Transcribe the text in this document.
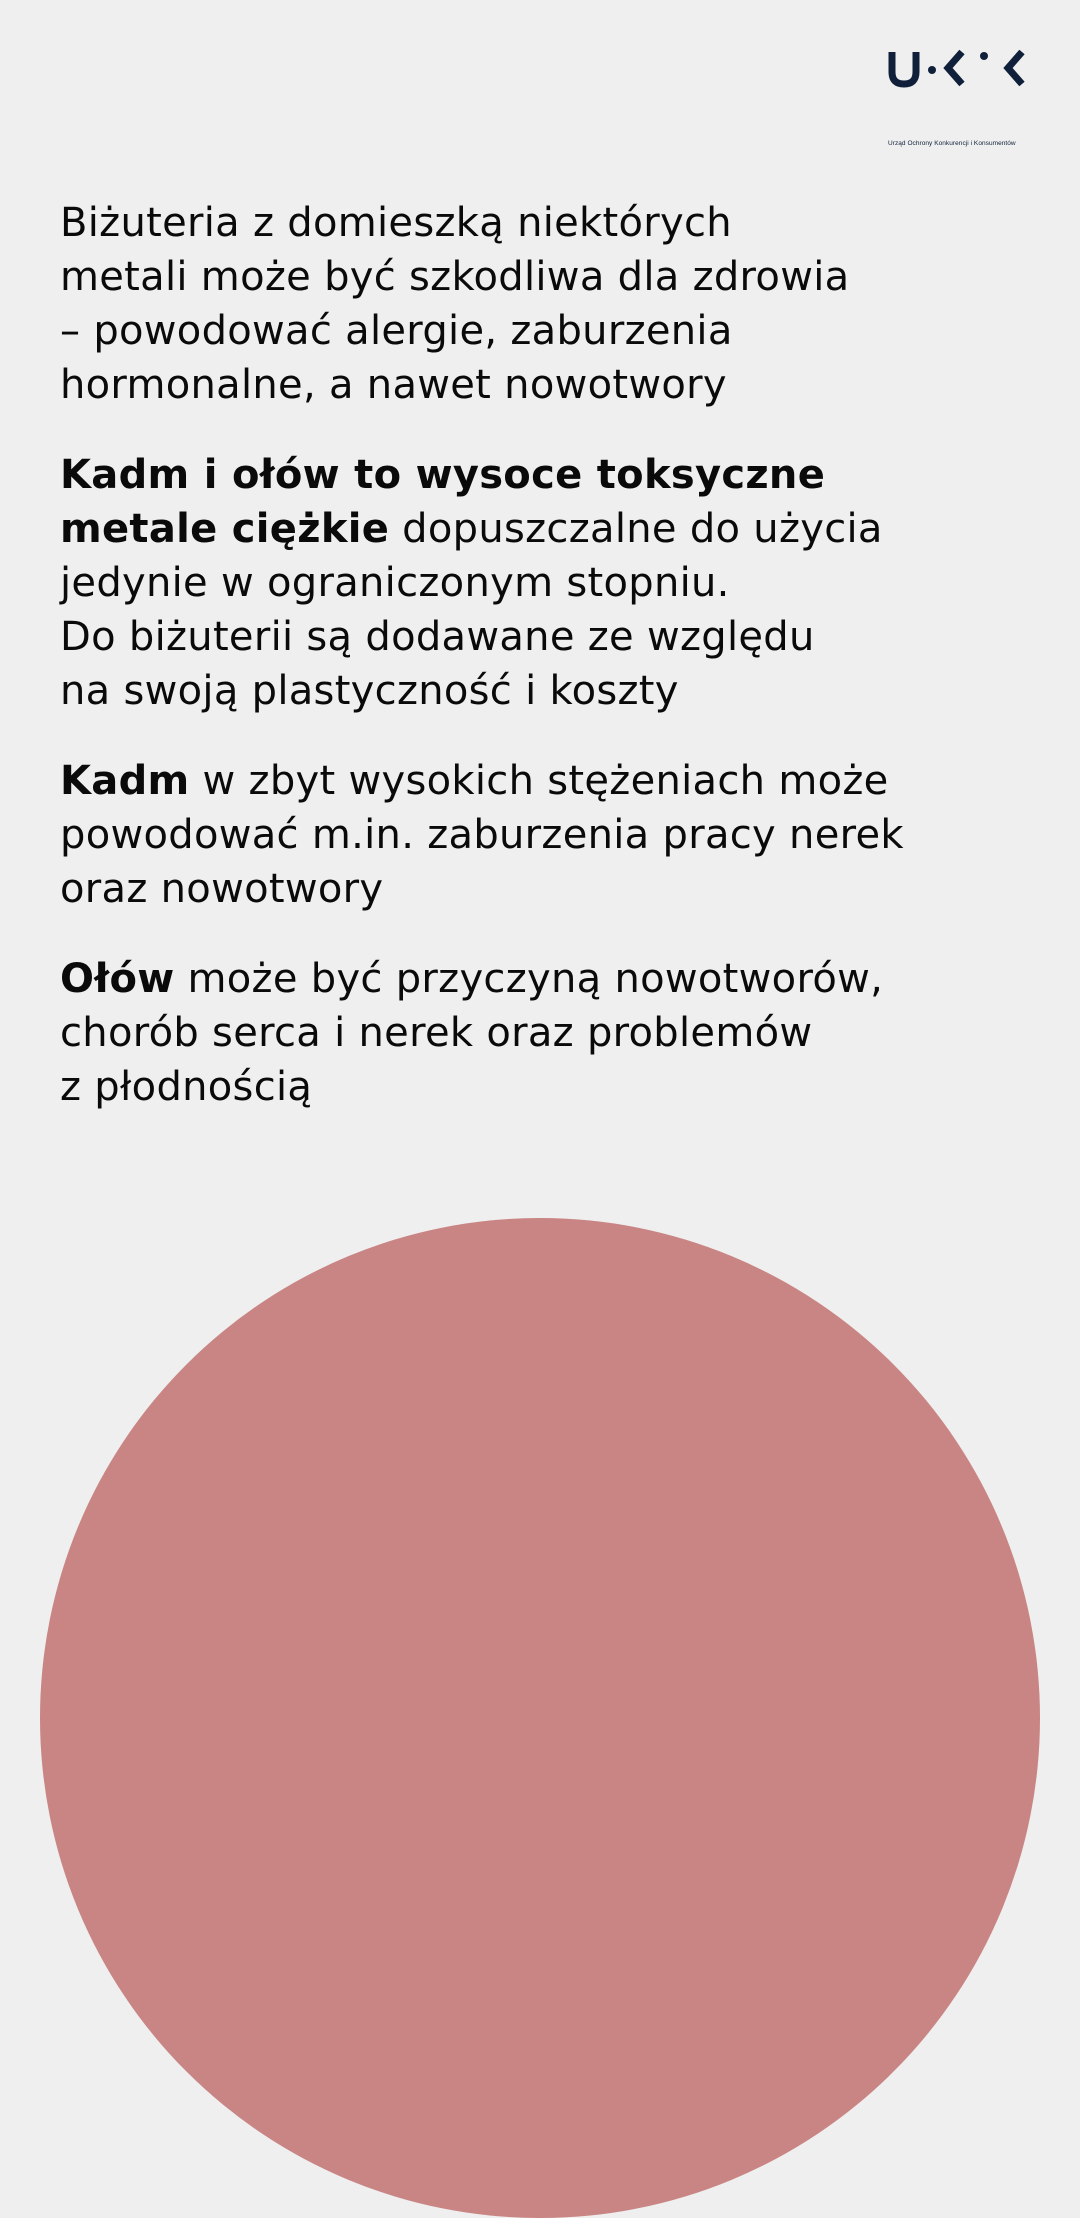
Urząd Ochrony Konkurencji i Konsumentów

Biżuteria z domieszką niektórych
metali może być szkodliwa dla zdrowia
– powodować alergie, zaburzenia
hormonalne, a nawet nowotwory

Kadm i ołów to wysoce toksyczne
metale ciężkie dopuszczalne do użycia
jedynie w ograniczonym stopniu.
Do biżuterii są dodawane ze względu
na swoją plastyczność i koszty

Kadm w zbyt wysokich stężeniach może
powodować m.in. zaburzenia pracy nerek
oraz nowotwory

Ołów może być przyczyną nowotworów,
chorób serca i nerek oraz problemów
z płodnością
